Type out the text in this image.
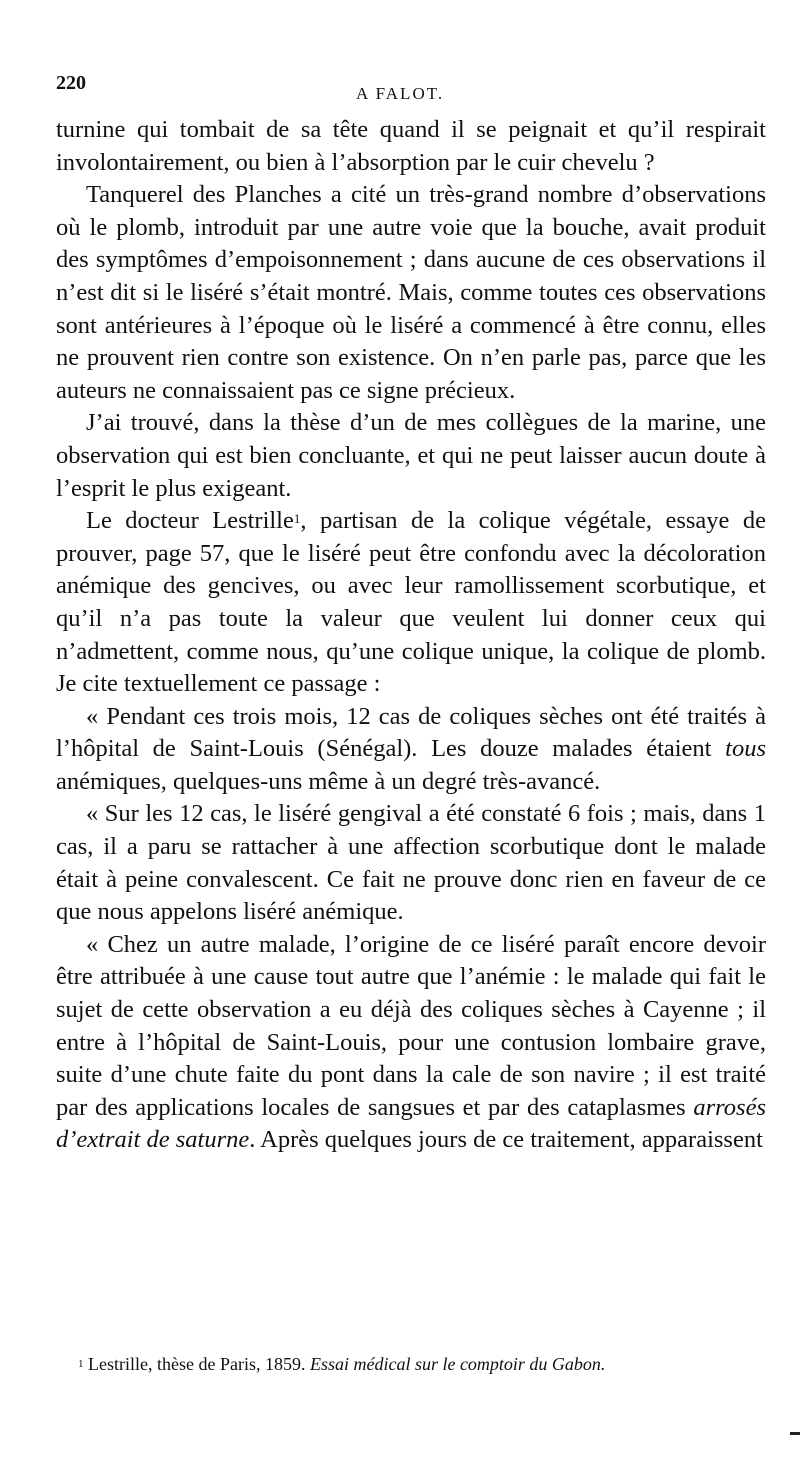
220	A FALOT.

turnine qui tombait de sa tête quand il se peignait et qu’il respirait involontairement, ou bien à l’absorption par le cuir chevelu ?

Tanquerel des Planches a cité un très-grand nombre d’observations où le plomb, introduit par une autre voie que la bouche, avait produit des symptômes d’empoisonnement ; dans aucune de ces observations il n’est dit si le liséré s’était montré. Mais, comme toutes ces observations sont antérieures à l’époque où le liséré a commencé à être connu, elles ne prouvent rien contre son existence. On n’en parle pas, parce que les auteurs ne connaissaient pas ce signe précieux.

J’ai trouvé, dans la thèse d’un de mes collègues de la marine, une observation qui est bien concluante, et qui ne peut laisser aucun doute à l’esprit le plus exigeant.

Le docteur Lestrille$^1$, partisan de la colique végétale, essaye de prouver, page 57, que le liséré peut être confondu avec la décoloration anémique des gencives, ou avec leur ramollissement scorbutique, et qu’il n’a pas toute la valeur que veulent lui donner ceux qui n’admettent, comme nous, qu’une colique unique, la colique de plomb. Je cite textuellement ce passage :

« Pendant ces trois mois, 12 cas de coliques sèches ont été traités à l’hôpital de Saint-Louis (Sénégal). Les douze malades étaient tous anémiques, quelques-uns même à un degré très-avancé.

« Sur les 12 cas, le liséré gengival a été constaté 6 fois ; mais, dans 1 cas, il a paru se rattacher à une affection scorbutique dont le malade était à peine convalescent. Ce fait ne prouve donc rien en faveur de ce que nous appelons liséré anémique.

« Chez un autre malade, l’origine de ce liséré paraît encore devoir être attribuée à une cause tout autre que l’anémie : le malade qui fait le sujet de cette observation a eu déjà des coliques sèches à Cayenne ; il entre à l’hôpital de Saint-Louis, pour une contusion lombaire grave, suite d’une chute faite du pont dans la cale de son navire ; il est traité par des applications locales de sangsues et par des cataplasmes arrosés d’extrait de saturne. Après quelques jours de ce traitement, apparaissent

$^1$ Lestrille, thèse de Paris, 1859. Essai médical sur le comptoir du Gabon.
